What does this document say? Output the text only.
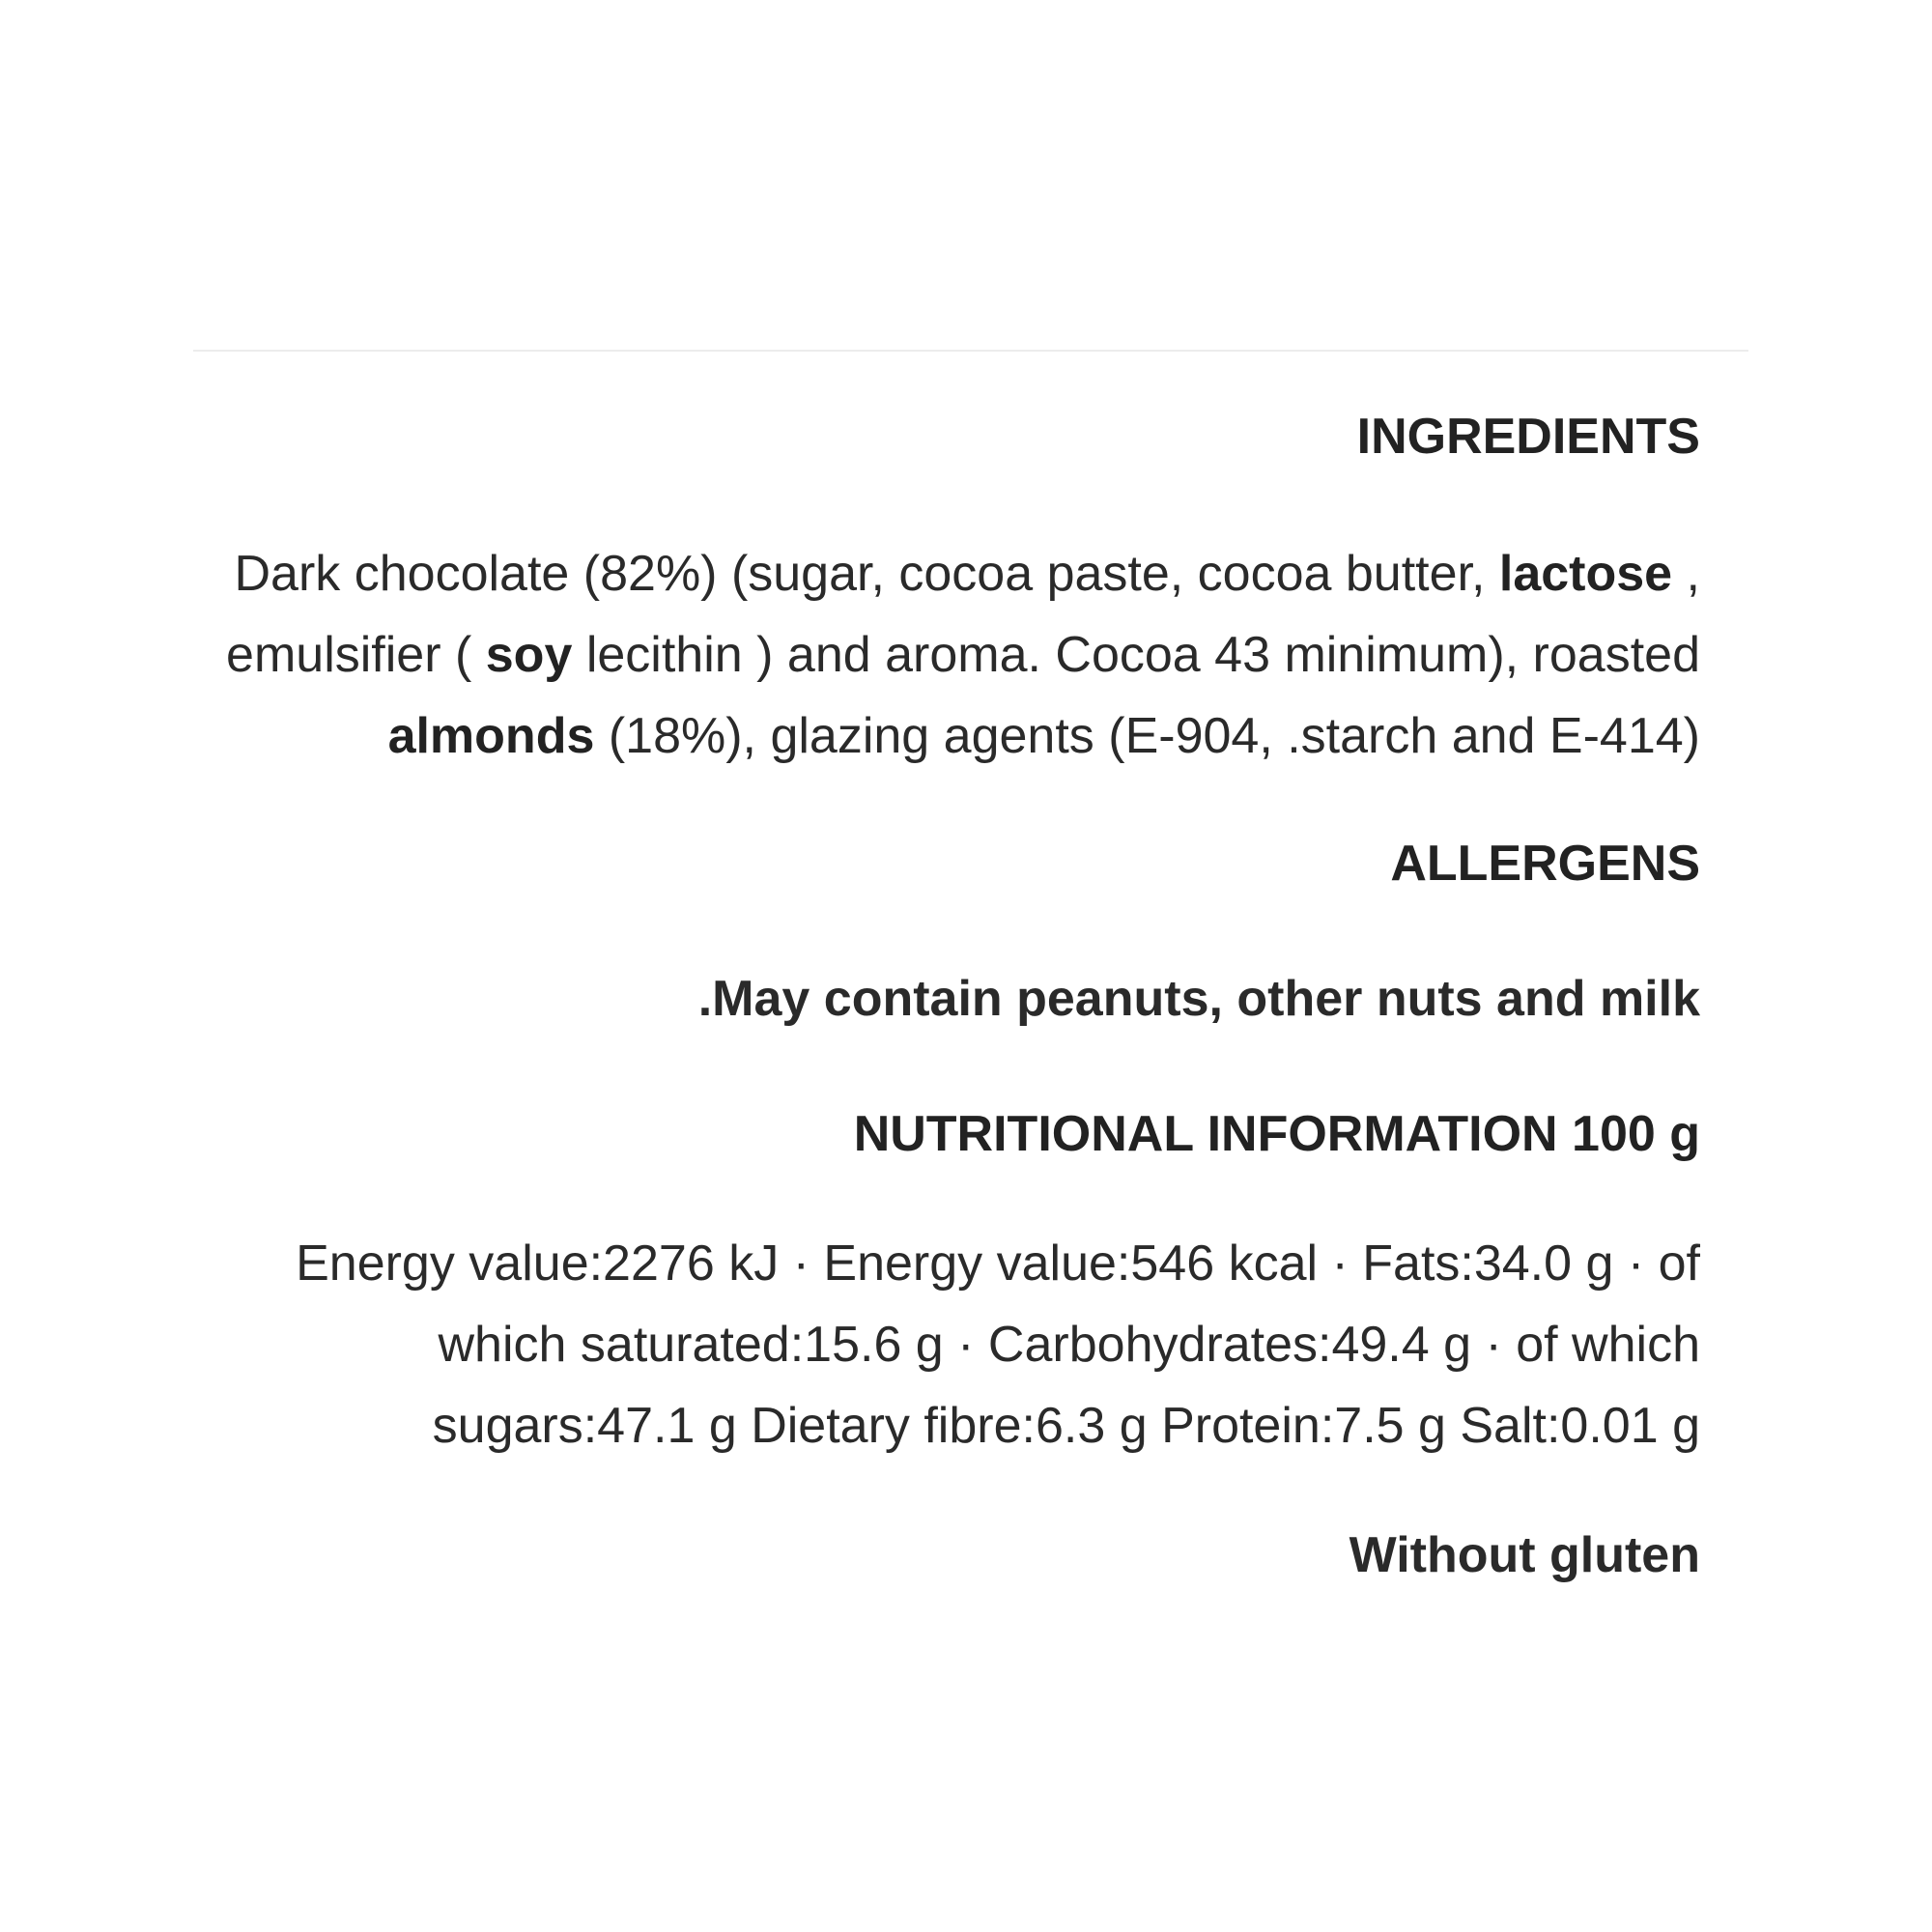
INGREDIENTS

Dark chocolate (82%) (sugar, cocoa paste, cocoa butter, lactose , emulsifier ( soy lecithin ) and aroma. Cocoa 43 minimum), roasted almonds (18%), glazing agents (E-904, .starch and E-414)

ALLERGENS

.May contain peanuts, other nuts and milk

NUTRITIONAL INFORMATION 100 g

Energy value:2276 kJ · Energy value:546 kcal · Fats:34.0 g · of which saturated:15.6 g · Carbohydrates:49.4 g · of which sugars:47.1 g Dietary fibre:6.3 g Protein:7.5 g Salt:0.01 g

Without gluten
